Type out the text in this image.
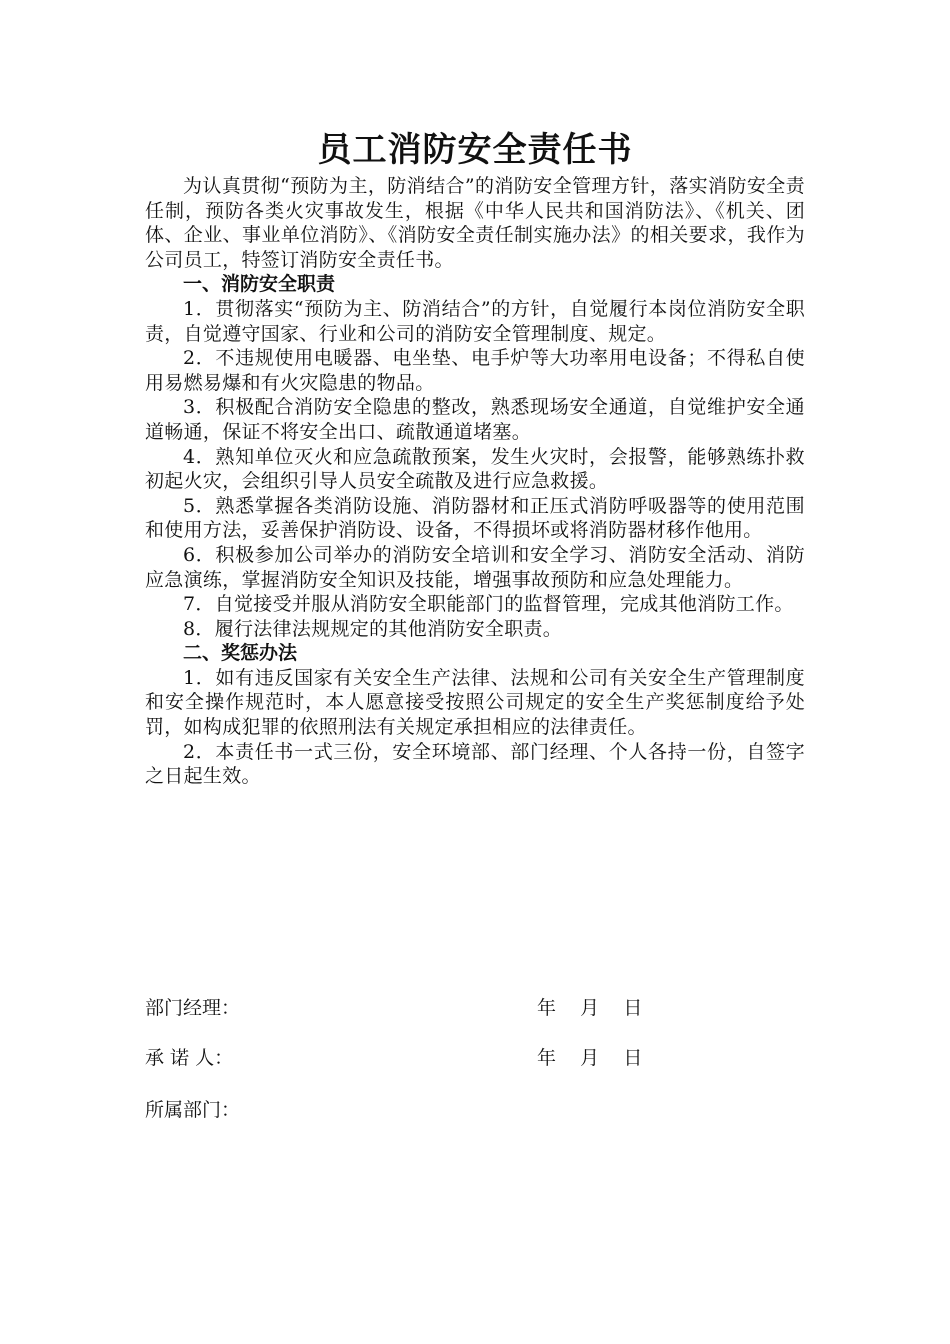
员工消防安全责任书

为认真贯彻“预防为主，防消结合”的消防安全管理方针，落实消防安全责任制，预防各类火灾事故发生，根据《中华人民共和国消防法》、《机关、团体、企业、事业单位消防》、《消防安全责任制实施办法》的相关要求，我作为公司员工，特签订消防安全责任书。

一、消防安全职责

1．贯彻落实“预防为主、防消结合”的方针，自觉履行本岗位消防安全职责，自觉遵守国家、行业和公司的消防安全管理制度、规定。

2．不违规使用电暖器、电坐垫、电手炉等大功率用电设备；不得私自使用易燃易爆和有火灾隐患的物品。

3．积极配合消防安全隐患的整改，熟悉现场安全通道，自觉维护安全通道畅通，保证不将安全出口、疏散通道堵塞。

4．熟知单位灭火和应急疏散预案，发生火灾时，会报警，能够熟练扑救初起火灾，会组织引导人员安全疏散及进行应急救援。

5．熟悉掌握各类消防设施、消防器材和正压式消防呼吸器等的使用范围和使用方法，妥善保护消防设、设备，不得损坏或将消防器材移作他用。

6．积极参加公司举办的消防安全培训和安全学习、消防安全活动、消防应急演练，掌握消防安全知识及技能，增强事故预防和应急处理能力。

7．自觉接受并服从消防安全职能部门的监督管理，完成其他消防工作。

8．履行法律法规规定的其他消防安全职责。

二、奖惩办法

1．如有违反国家有关安全生产法律、法规和公司有关安全生产管理制度和安全操作规范时，本人愿意接受按照公司规定的安全生产奖惩制度给予处罚，如构成犯罪的依照刑法有关规定承担相应的法律责任。

2．本责任书一式三份，安全环境部、部门经理、个人各持一份，自签字之日起生效。

部门经理：	年    月    日
承 诺 人：	年    月    日
所属部门：
